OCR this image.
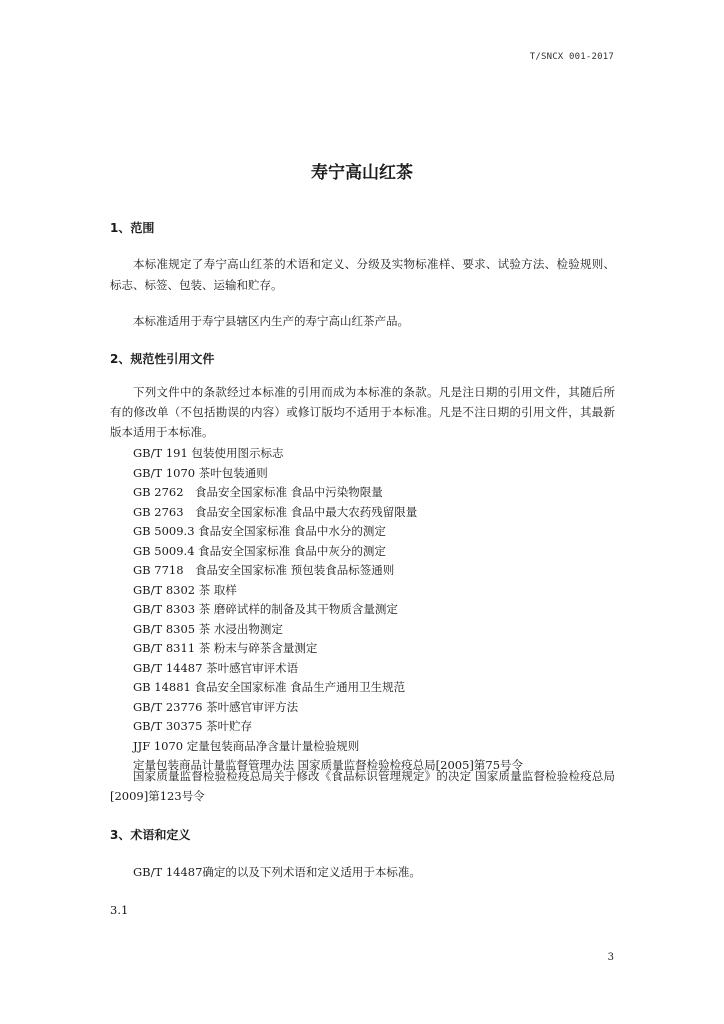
T/SNCX 001-2017
寿宁高山红茶
1、范围
本标准规定了寿宁高山红茶的术语和定义、分级及实物标准样、要求、试验方法、检验规则、标志、标签、包装、运输和贮存。
本标准适用于寿宁县辖区内生产的寿宁高山红茶产品。
2、规范性引用文件
下列文件中的条款经过本标准的引用而成为本标准的条款。凡是注日期的引用文件，其随后所有的修改单（不包括勘误的内容）或修订版均不适用于本标准。凡是不注日期的引用文件，其最新版本适用于本标准。
GB/T 191 包装使用图示标志
GB/T 1070 茶叶包装通则
GB 2762　食品安全国家标准 食品中污染物限量
GB 2763　食品安全国家标准 食品中最大农药残留限量
GB 5009.3 食品安全国家标准 食品中水分的测定
GB 5009.4 食品安全国家标准 食品中灰分的测定
GB 7718　食品安全国家标准 预包装食品标签通则
GB/T 8302 茶 取样
GB/T 8303 茶 磨碎试样的制备及其干物质含量测定
GB/T 8305 茶 水浸出物测定
GB/T 8311 茶 粉末与碎茶含量测定
GB/T 14487 茶叶感官审评术语
GB 14881 食品安全国家标准 食品生产通用卫生规范
GB/T 23776 茶叶感官审评方法
GB/T 30375 茶叶贮存
JJF 1070 定量包装商品净含量计量检验规则
定量包装商品计量监督管理办法 国家质量监督检验检疫总局[2005]第75号令
国家质量监督检验检疫总局关于修改《食品标识管理规定》的决定 国家质量监督检验检疫总局[2009]第123号令
3、术语和定义
GB/T 14487确定的以及下列术语和定义适用于本标准。
3.1
3
